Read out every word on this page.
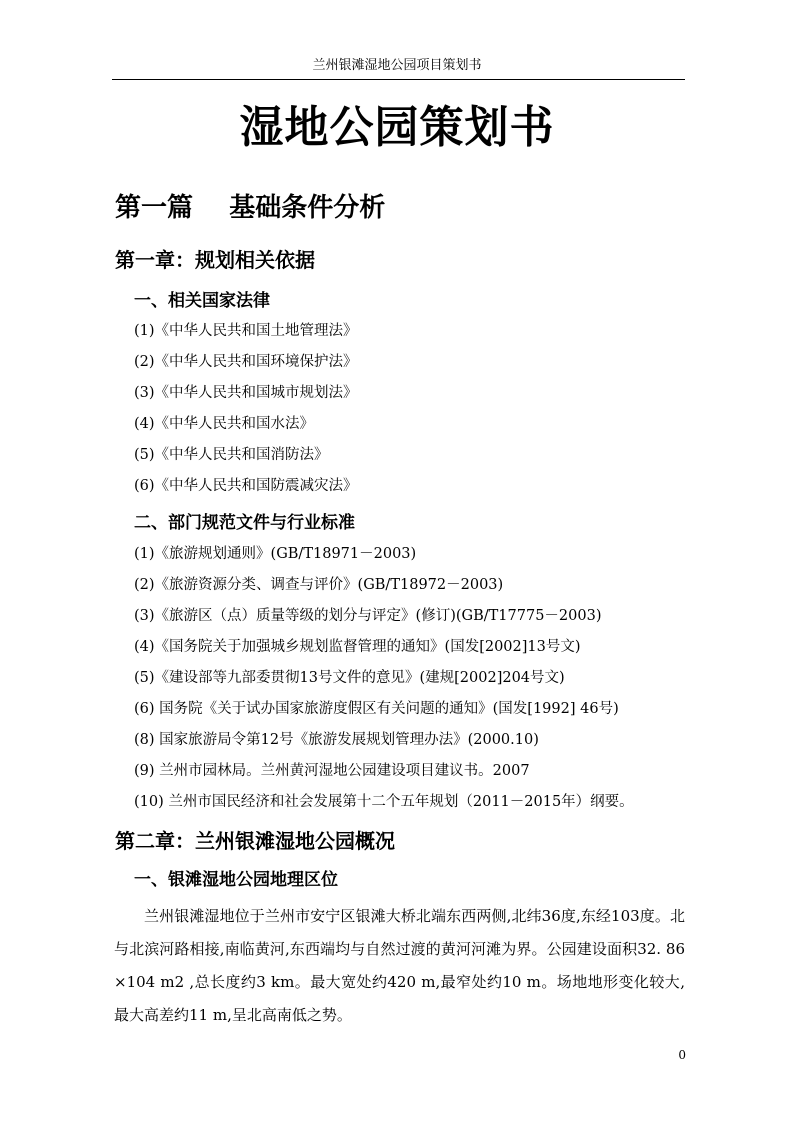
兰州银滩湿地公园项目策划书
湿地公园策划书
第一篇    基础条件分析
第一章：规划相关依据
一、相关国家法律
(1)《中华人民共和国土地管理法》
(2)《中华人民共和国环境保护法》
(3)《中华人民共和国城市规划法》
(4)《中华人民共和国水法》
(5)《中华人民共和国消防法》
(6)《中华人民共和国防震减灾法》
二、部门规范文件与行业标准
(1)《旅游规划通则》(GB/T18971－2003)
(2)《旅游资源分类、调查与评价》(GB/T18972－2003)
(3)《旅游区（点）质量等级的划分与评定》(修订)(GB/T17775－2003)
(4)《国务院关于加强城乡规划监督管理的通知》(国发[2002]13号文)
(5)《建设部等九部委贯彻13号文件的意见》(建规[2002]204号文)
(6) 国务院《关于试办国家旅游度假区有关问题的通知》(国发[1992] 46号)
(8) 国家旅游局令第12号《旅游发展规划管理办法》(2000.10)
(9) 兰州市园林局。兰州黄河湿地公园建设项目建议书。2007
(10) 兰州市国民经济和社会发展第十二个五年规划（2011－2015年）纲要。
第二章：兰州银滩湿地公园概况
一、银滩湿地公园地理区位

兰州银滩湿地位于兰州市安宁区银滩大桥北端东西两侧,北纬36度,东经103度。北与北滨河路相接,南临黄河,东西端均与自然过渡的黄河河滩为界。公园建设面积32. 86 ×104 m2 ,总长度约3 km。最大宽处约420 m,最窄处约10 m。场地地形变化较大,最大高差约11 m,呈北高南低之势。

0
